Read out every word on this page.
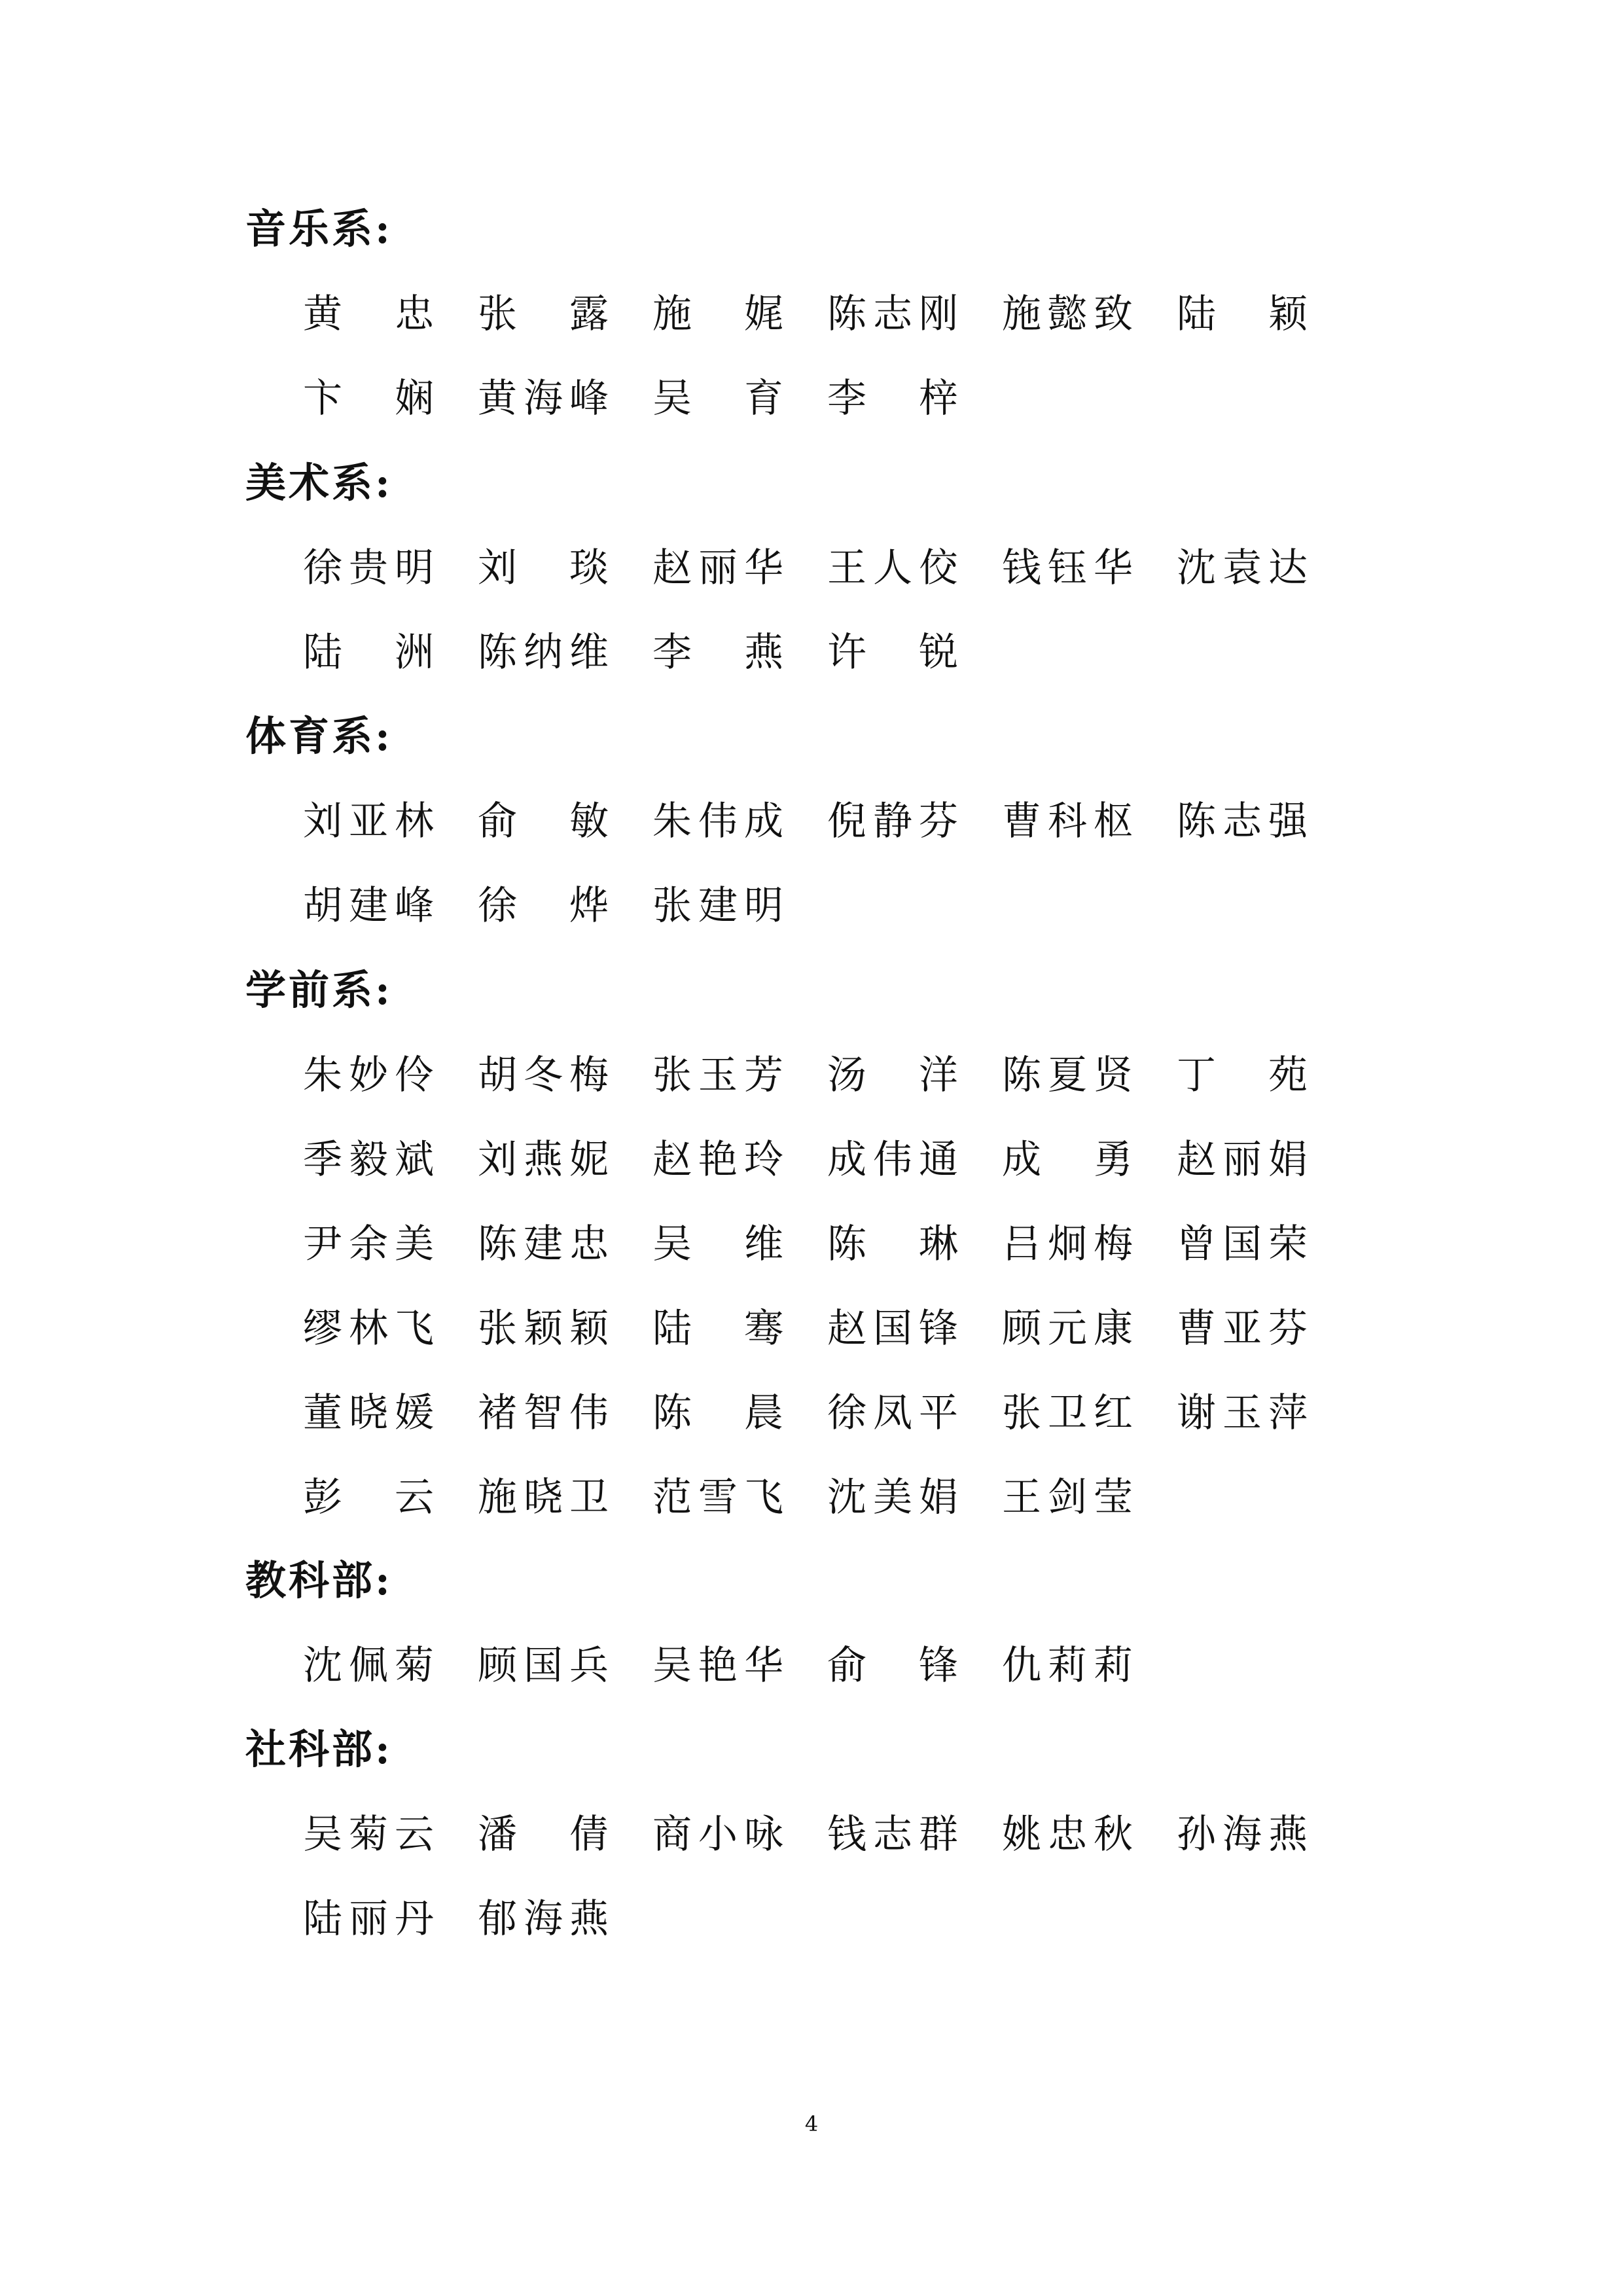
音乐系:
黄 忠 张 露 施 娓 陈 志 刚 施 懿 致 陆 颖
卞 娴 黄 海 峰 吴 育 李 梓
美术系:
徐 贵 明 刘 琰 赵 丽 华 王 人 佼 钱 钰 华 沈 袁 达
陆 洲 陈 纳 维 李 燕 许 锐
体育系:
刘 亚 林 俞 敏 朱 伟 成 倪 静 芬 曹 科 枢 陈 志 强
胡 建 峰 徐 烨 张 建 明
学前系:
朱 妙 伶 胡 冬 梅 张 玉 芳 汤 洋 陈 夏 贤 丁 苑
季 毅 斌 刘 燕 妮 赵 艳 玲 成 伟 通 成 勇 赵 丽 娟
尹 余 美 陈 建 忠 吴 维 陈 琳 吕 炯 梅 曾 国 荣
缪 林 飞 张 颖 颖 陆 骞 赵 国 锋 顾 元 康 曹 亚 芬
董 晓 媛 褚 智 伟 陈 晨 徐 凤 平 张 卫 红 谢 玉 萍
彭 云 施 晓 卫 范 雪 飞 沈 美 娟 王 剑 莹
教科部:
沈 佩 菊 顾 国 兵 吴 艳 华 俞 锋 仇 莉 莉
社科部:
吴 菊 云 潘 倩 商 小 咏 钱 志 群 姚 忠 秋 孙 海 燕
陆 丽 丹 郁 海 燕
4
